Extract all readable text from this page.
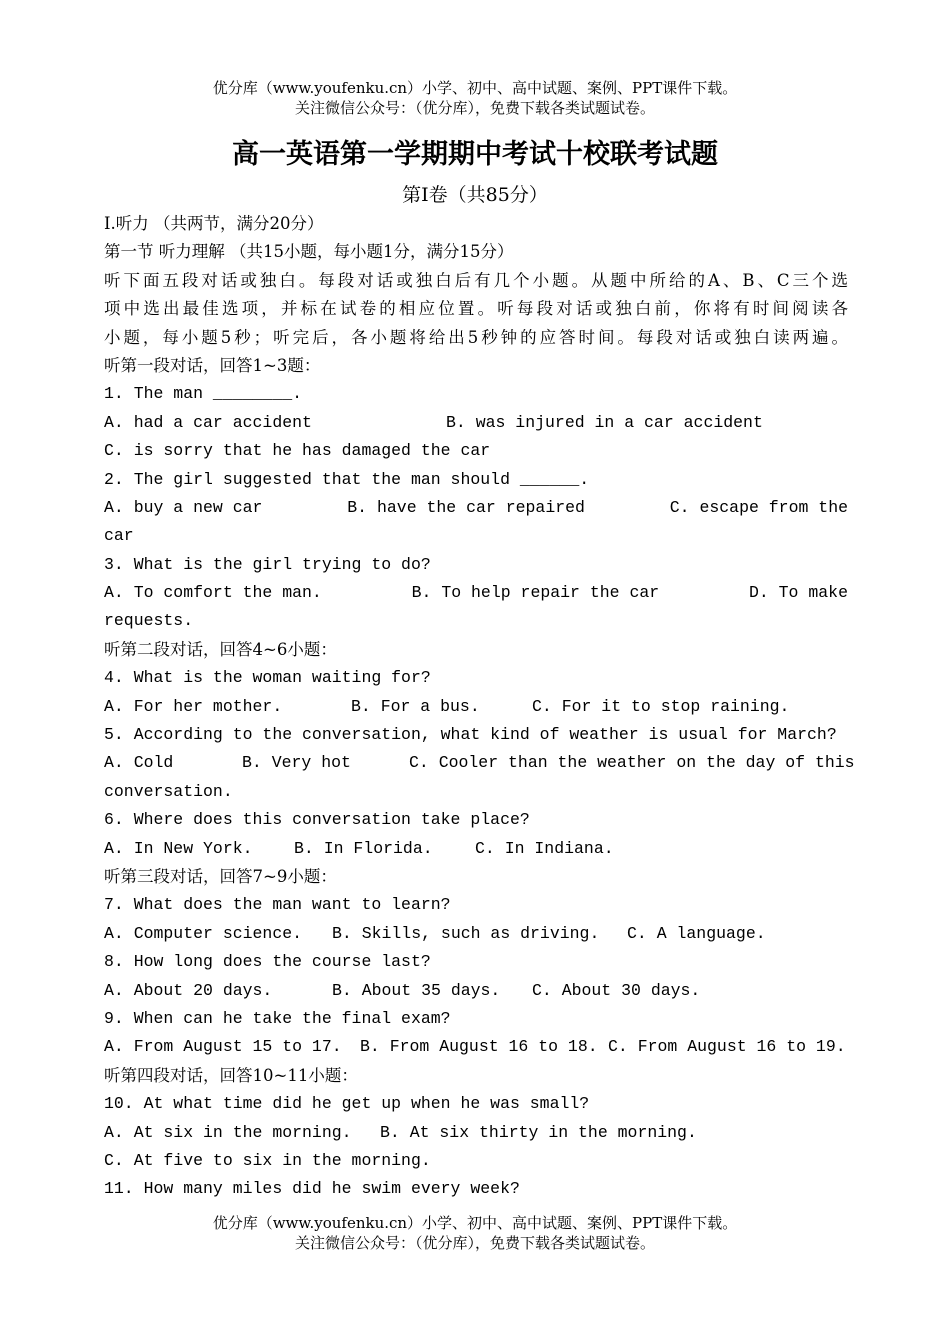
优分库（www.youfenku.cn）小学、初中、高中试题、案例、PPT课件下载。
关注微信公众号：（优分库），免费下载各类试题试卷。
高一英语第一学期期中考试十校联考试题
第I卷（共85分）
I.听力 （共两节，满分20分）
第一节 听力理解 （共15小题，每小题1分，满分15分）
听下面五段对话或独白。每段对话或独白后有几个小题。从题中所给的A、B、C三个选
项中选出最佳选项，并标在试卷的相应位置。听每段对话或独白前，你将有时间阅读各
小题，每小题5秒；听完后，各小题将给出5秒钟的应答时间。每段对话或独白读两遍。
听第一段对话，回答1~3题：
1. The man ________.
A. had a car accident	B. was injured in a car accident
C. is sorry that he has damaged the car
2. The girl suggested that the man should ______.
A. buy a new car	B. have the car repaired	C. escape from the
car
3. What is the girl trying to do?
A. To comfort the man.	B. To help repair the car	D. To make
requests.
听第二段对话，回答4~6小题：
4. What is the woman waiting for?
A. For her mother.	B. For a bus.	C. For it to stop raining.
5. According to the conversation, what kind of weather is usual for March?
A. Cold	B. Very hot	C. Cooler than the weather on the day of this
conversation.
6. Where does this conversation take place?
A. In New York.	B. In Florida.	C. In Indiana.
听第三段对话，回答7~9小题：
7. What does the man want to learn?
A. Computer science. B. Skills, such as driving. C. A language.
8. How long does the course last?
A. About 20 days.	B. About 35 days. C. About 30 days.
9. When can he take the final exam?
A. From August 15 to 17. B. From August 16 to 18. C. From August 16 to 19.
听第四段对话，回答10~11小题：
10. At what time did he get up when he was small?
A. At six in the morning. B. At six thirty in the morning.
C. At five to six in the morning.
11. How many miles did he swim every week?
优分库（www.youfenku.cn）小学、初中、高中试题、案例、PPT课件下载。
关注微信公众号：（优分库），免费下载各类试题试卷。
